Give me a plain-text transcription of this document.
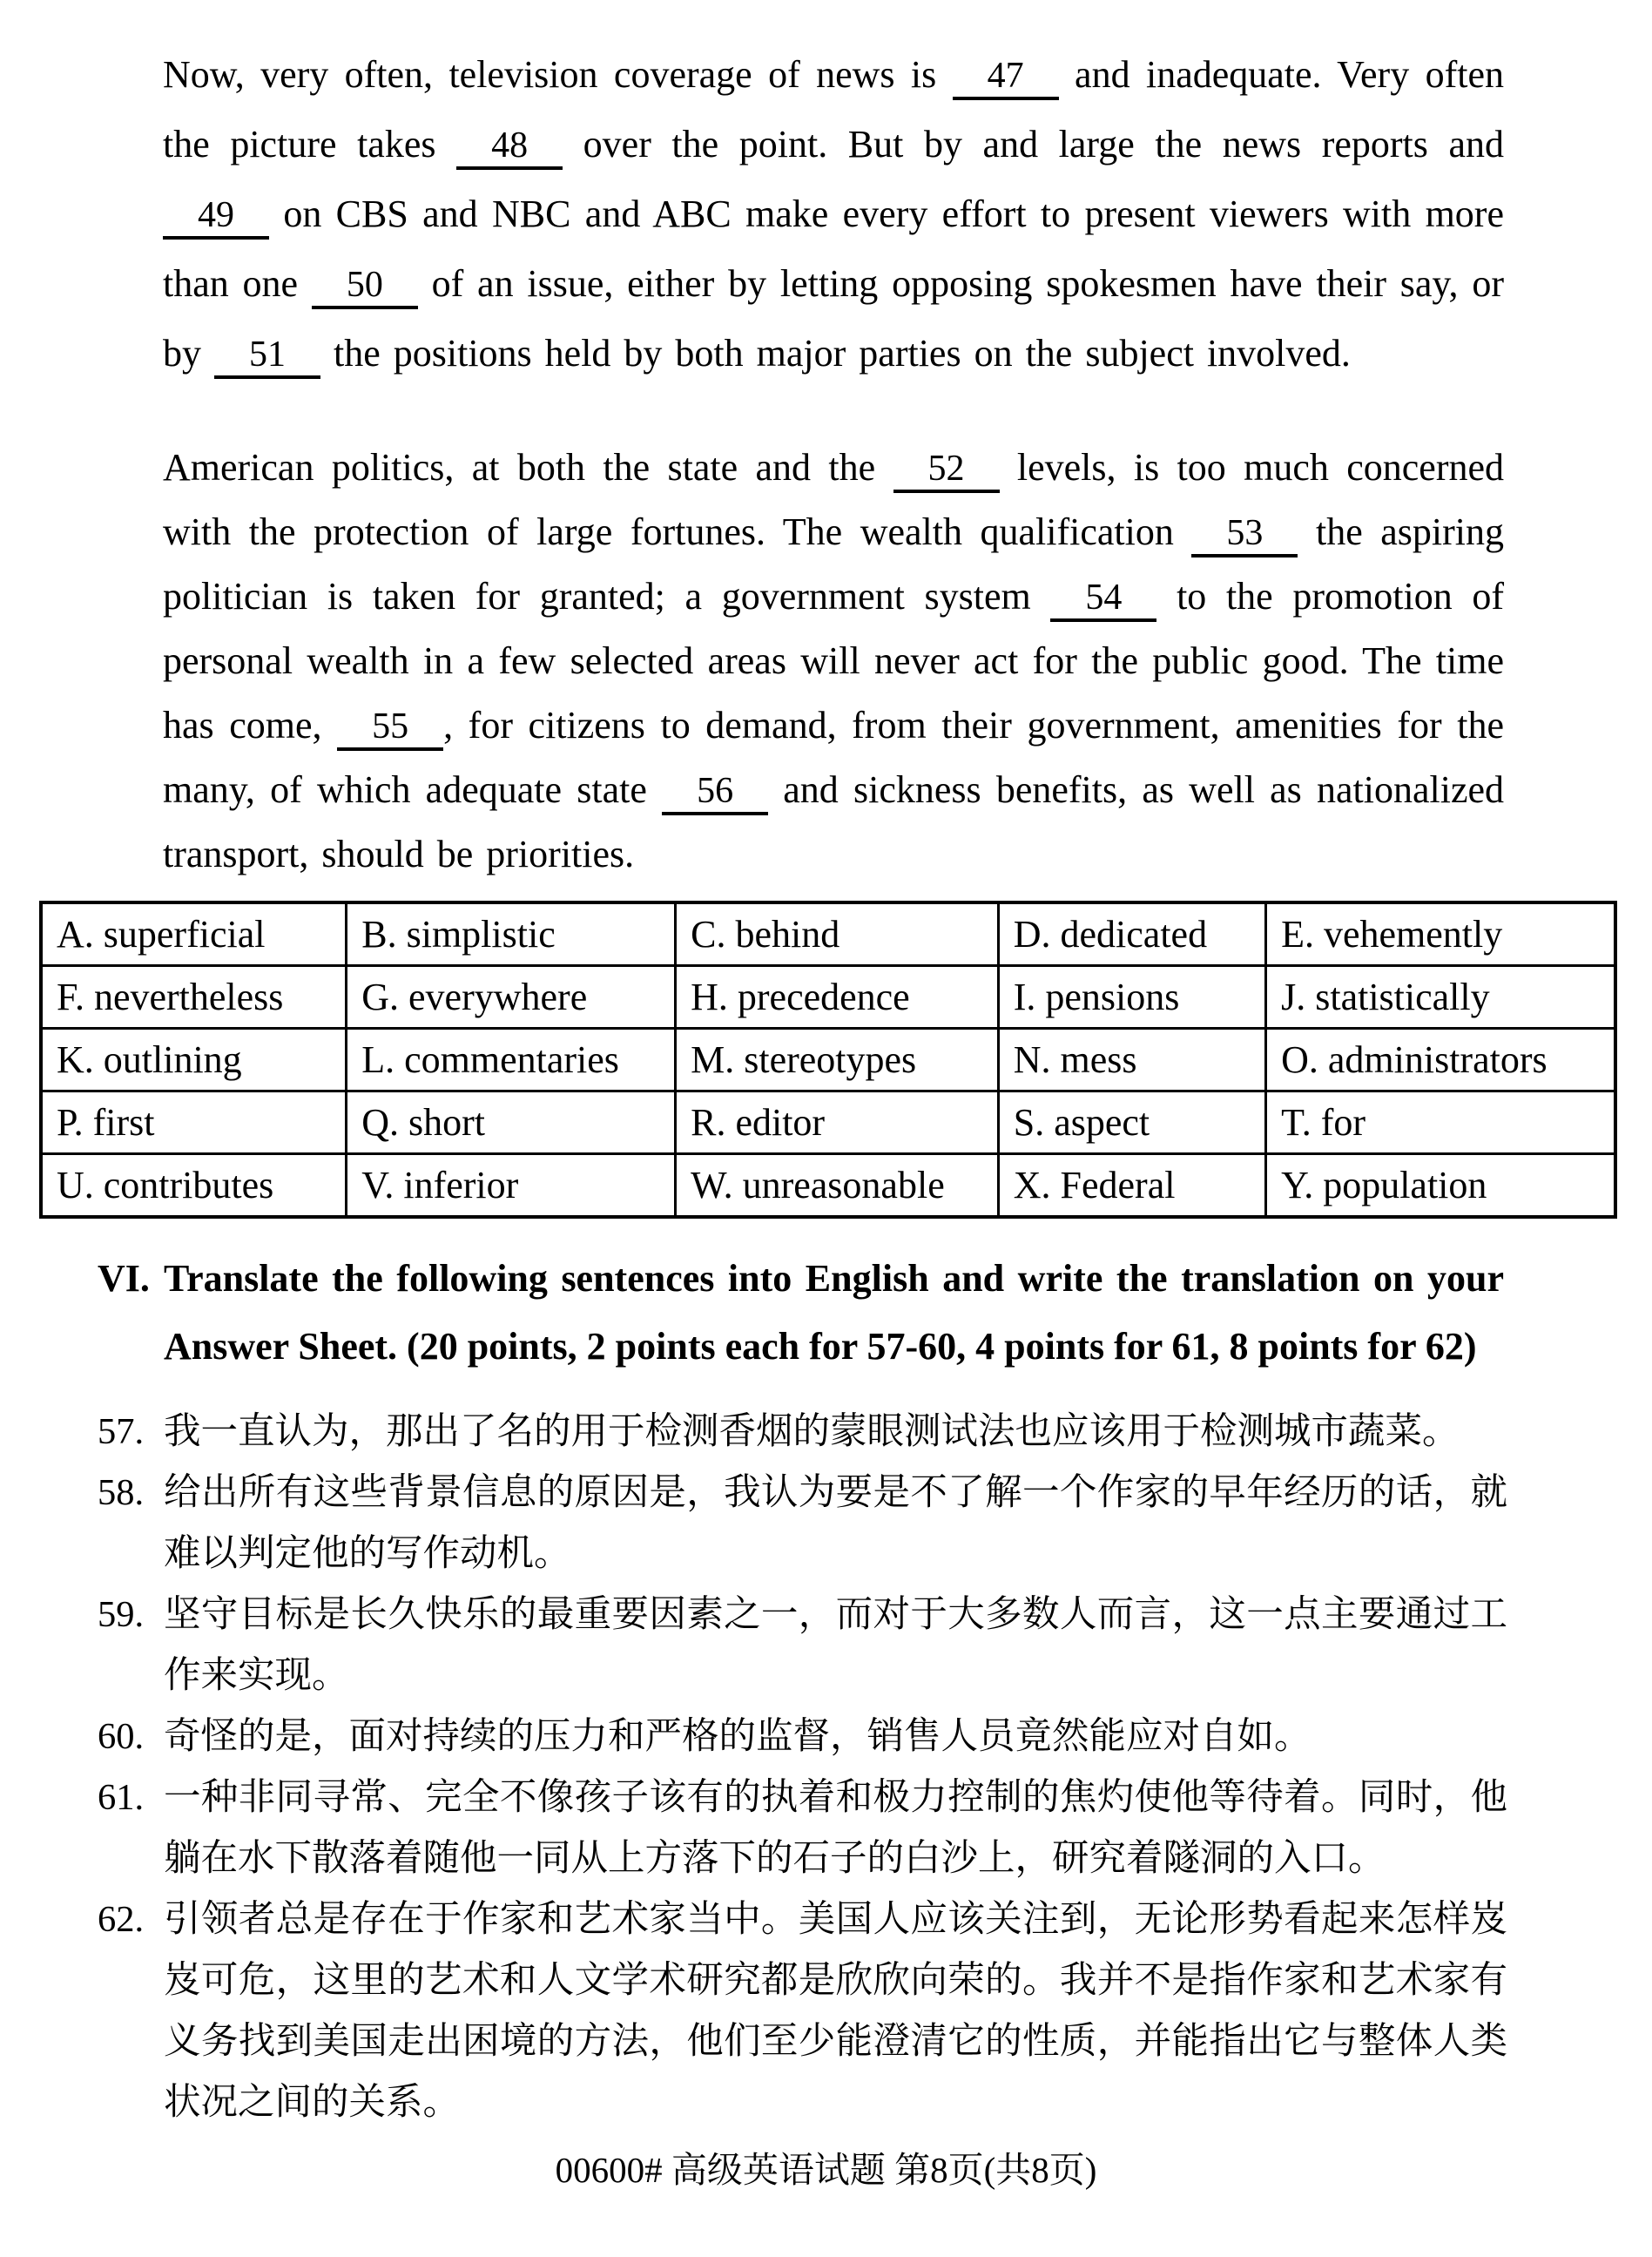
Now, very often, television coverage of news is 47 and inadequate. Very often the picture takes 48 over the point. But by and large the news reports and 49 on CBS and NBC and ABC make every effort to present viewers with more than one 50 of an issue, either by letting opposing spokesmen have their say, or by 51 the positions held by both major parties on the subject involved.

American politics, at both the state and the 52 levels, is too much concerned with the protection of large fortunes. The wealth qualification 53 the aspiring politician is taken for granted; a government system 54 to the promotion of personal wealth in a few selected areas will never act for the public good. The time has come, 55 , for citizens to demand, from their government, amenities for the many, of which adequate state 56 and sickness benefits, as well as nationalized transport, should be priorities.

A. superficial	B. simplistic	C. behind	D. dedicated	E. vehemently
F. nevertheless	G. everywhere	H. precedence	I. pensions	J. statistically
K. outlining	L. commentaries	M. stereotypes	N. mess	O. administrators
P. first	Q. short	R. editor	S. aspect	T. for
U. contributes	V. inferior	W. unreasonable	X. Federal	Y. population
VI. Translate the following sentences into English and write the translation on your Answer Sheet. (20 points, 2 points each for 57-60, 4 points for 61, 8 points for 62)
57. 我一直认为，那出了名的用于检测香烟的蒙眼测试法也应该用于检测城市蔬菜。
58. 给出所有这些背景信息的原因是，我认为要是不了解一个作家的早年经历的话，就难以判定他的写作动机。
59. 坚守目标是长久快乐的最重要因素之一，而对于大多数人而言，这一点主要通过工作来实现。
60. 奇怪的是，面对持续的压力和严格的监督，销售人员竟然能应对自如。
61. 一种非同寻常、完全不像孩子该有的执着和极力控制的焦灼使他等待着。同时，他躺在水下散落着随他一同从上方落下的石子的白沙上，研究着隧洞的入口。
62. 引领者总是存在于作家和艺术家当中。美国人应该关注到，无论形势看起来怎样岌岌可危，这里的艺术和人文学术研究都是欣欣向荣的。我并不是指作家和艺术家有义务找到美国走出困境的方法，他们至少能澄清它的性质，并能指出它与整体人类状况之间的关系。
00600# 高级英语试题 第8页(共8页)
